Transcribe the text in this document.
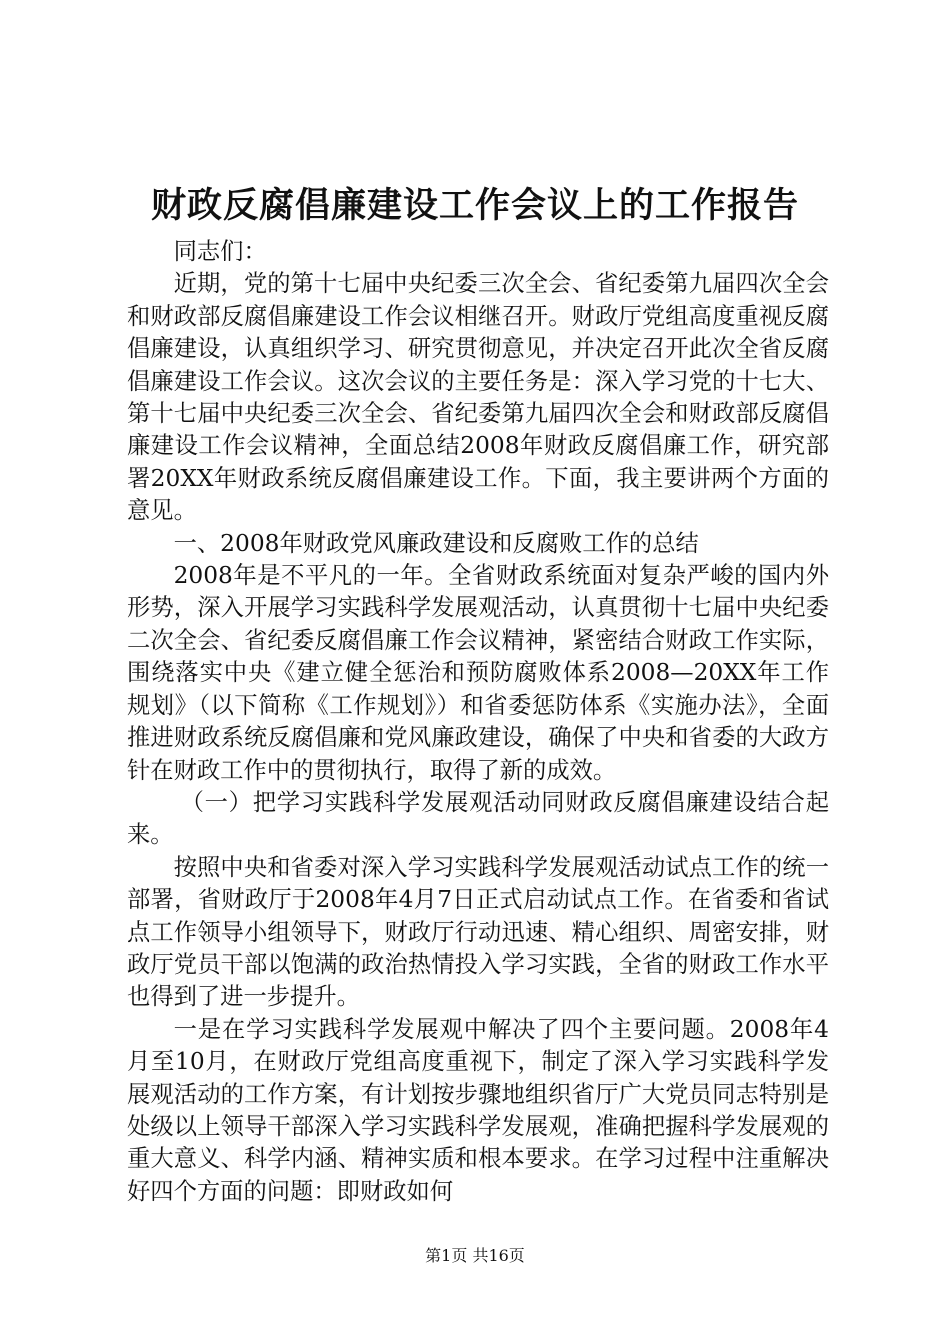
财政反腐倡廉建设工作会议上的工作报告

同志们：

近期，党的第十七届中央纪委三次全会、省纪委第九届四次全会和财政部反腐倡廉建设工作会议相继召开。财政厅党组高度重视反腐倡廉建设，认真组织学习、研究贯彻意见，并决定召开此次全省反腐倡廉建设工作会议。这次会议的主要任务是：深入学习党的十七大、第十七届中央纪委三次全会、省纪委第九届四次全会和财政部反腐倡廉建设工作会议精神，全面总结2008年财政反腐倡廉工作，研究部署20XX年财政系统反腐倡廉建设工作。下面，我主要讲两个方面的意见。

一、2008年财政党风廉政建设和反腐败工作的总结

2008年是不平凡的一年。全省财政系统面对复杂严峻的国内外形势，深入开展学习实践科学发展观活动，认真贯彻十七届中央纪委二次全会、省纪委反腐倡廉工作会议精神，紧密结合财政工作实际，围绕落实中央《建立健全惩治和预防腐败体系2008—20XX年工作规划》（以下简称《工作规划》）和省委惩防体系《实施办法》，全面推进财政系统反腐倡廉和党风廉政建设，确保了中央和省委的大政方针在财政工作中的贯彻执行，取得了新的成效。

（一）把学习实践科学发展观活动同财政反腐倡廉建设结合起来。

按照中央和省委对深入学习实践科学发展观活动试点工作的统一部署，省财政厅于2008年4月7日正式启动试点工作。在省委和省试点工作领导小组领导下，财政厅行动迅速、精心组织、周密安排，财政厅党员干部以饱满的政治热情投入学习实践，全省的财政工作水平也得到了进一步提升。

一是在学习实践科学发展观中解决了四个主要问题。2008年4月至10月，在财政厅党组高度重视下，制定了深入学习实践科学发展观活动的工作方案，有计划按步骤地组织省厅广大党员同志特别是处级以上领导干部深入学习实践科学发展观，准确把握科学发展观的重大意义、科学内涵、精神实质和根本要求。在学习过程中注重解决好四个方面的问题：即财政如何

第1页 共16页
